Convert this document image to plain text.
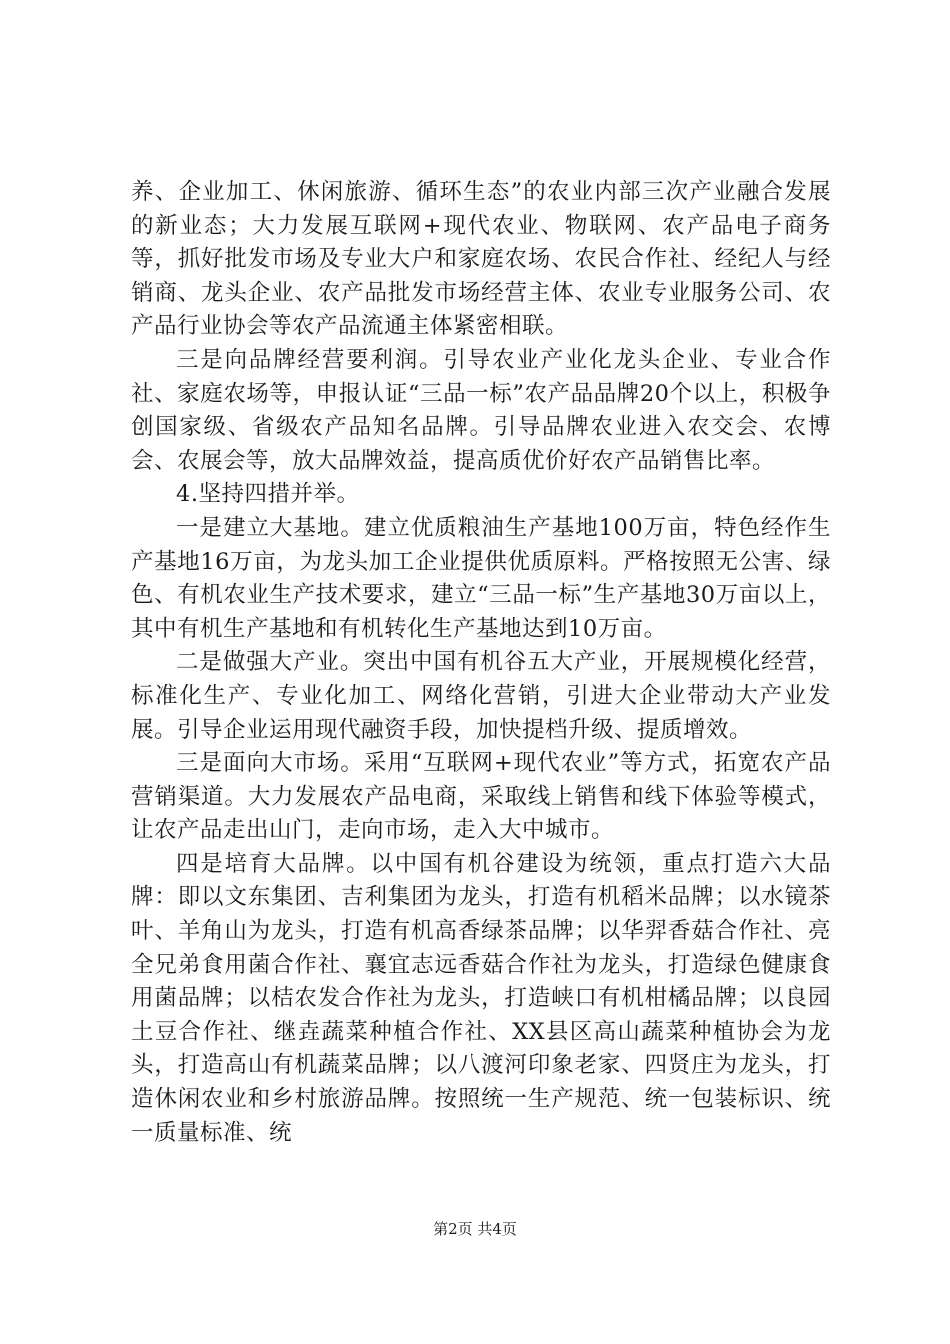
养、企业加工、休闲旅游、循环生态”的农业内部三次产业融合发展的新业态；大力发展互联网+现代农业、物联网、农产品电子商务等，抓好批发市场及专业大户和家庭农场、农民合作社、经纪人与经销商、龙头企业、农产品批发市场经营主体、农业专业服务公司、农产品行业协会等农产品流通主体紧密相联。

三是向品牌经营要利润。引导农业产业化龙头企业、专业合作社、家庭农场等，申报认证“三品一标”农产品品牌20个以上，积极争创国家级、省级农产品知名品牌。引导品牌农业进入农交会、农博会、农展会等，放大品牌效益，提高质优价好农产品销售比率。

4.坚持四措并举。

一是建立大基地。建立优质粮油生产基地100万亩，特色经作生产基地16万亩，为龙头加工企业提供优质原料。严格按照无公害、绿色、有机农业生产技术要求，建立“三品一标”生产基地30万亩以上，其中有机生产基地和有机转化生产基地达到10万亩。

二是做强大产业。突出中国有机谷五大产业，开展规模化经营，标准化生产、专业化加工、网络化营销，引进大企业带动大产业发展。引导企业运用现代融资手段，加快提档升级、提质增效。

三是面向大市场。采用“互联网+现代农业”等方式，拓宽农产品营销渠道。大力发展农产品电商，采取线上销售和线下体验等模式，让农产品走出山门，走向市场，走入大中城市。

四是培育大品牌。以中国有机谷建设为统领，重点打造六大品牌：即以文东集团、吉利集团为龙头，打造有机稻米品牌；以水镜茶叶、羊角山为龙头，打造有机高香绿茶品牌；以华羿香菇合作社、亮全兄弟食用菌合作社、襄宜志远香菇合作社为龙头，打造绿色健康食用菌品牌；以桔农发合作社为龙头，打造峡口有机柑橘品牌；以良园土豆合作社、继垚蔬菜种植合作社、XX县区高山蔬菜种植协会为龙头，打造高山有机蔬菜品牌；以八渡河印象老家、四贤庄为龙头，打造休闲农业和乡村旅游品牌。按照统一生产规范、统一包装标识、统一质量标准、统

第2页 共4页
